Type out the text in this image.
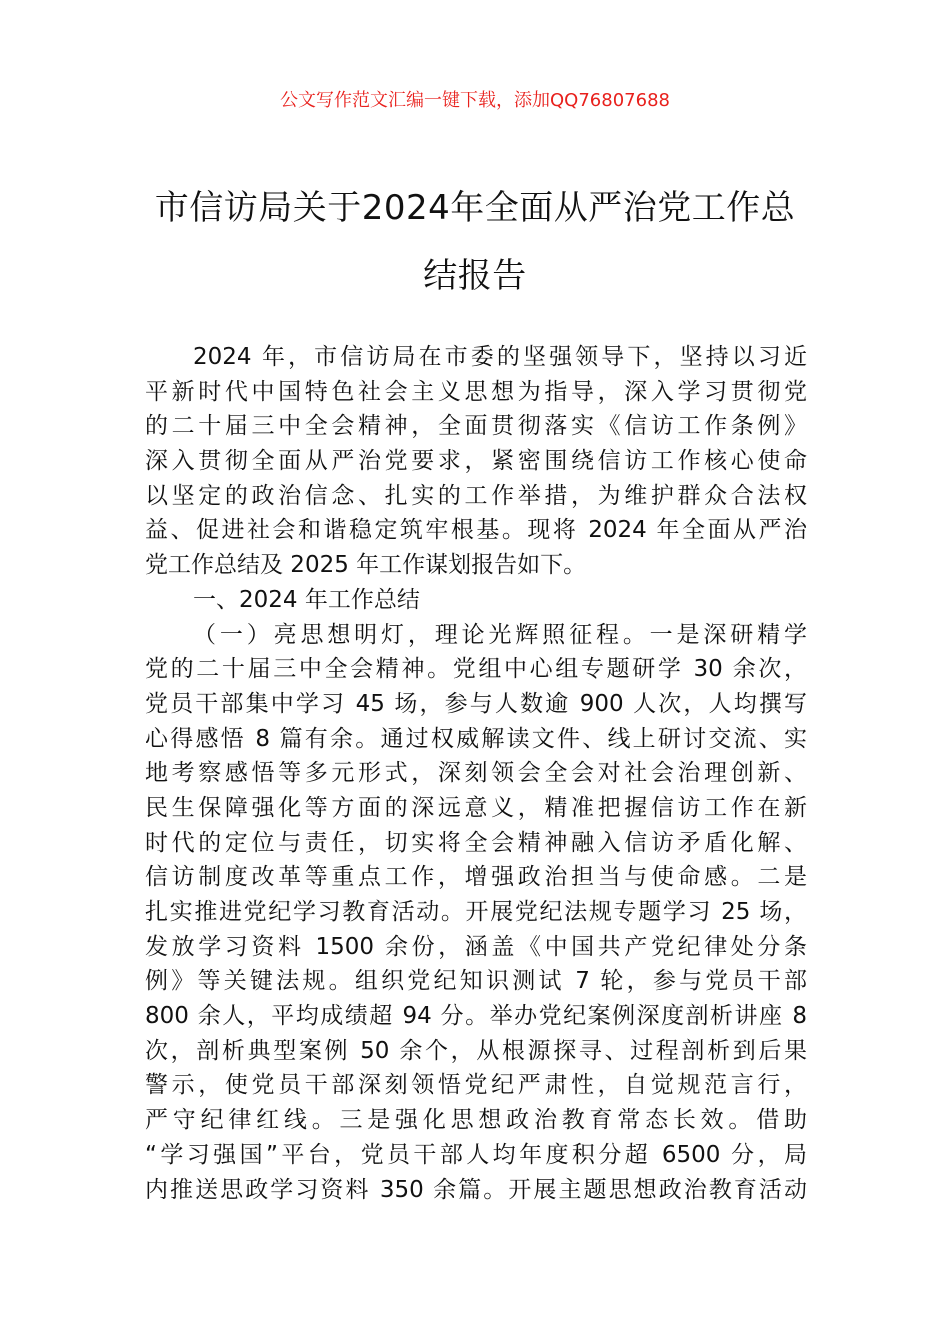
公文写作范文汇编一键下载，添加QQ76807688
市信访局关于2024年全面从严治党工作总
结报告
2024 年，市信访局在市委的坚强领导下，坚持以习近
平新时代中国特色社会主义思想为指导，深入学习贯彻党
的二十届三中全会精神，全面贯彻落实《信访工作条例》
深入贯彻全面从严治党要求，紧密围绕信访工作核心使命
以坚定的政治信念、扎实的工作举措，为维护群众合法权
益、促进社会和谐稳定筑牢根基。现将 2024 年全面从严治
党工作总结及 2025 年工作谋划报告如下。
一、2024 年工作总结
（一）亮思想明灯，理论光辉照征程。一是深研精学
党的二十届三中全会精神。党组中心组专题研学 30 余次，
党员干部集中学习 45 场，参与人数逾 900 人次，人均撰写
心得感悟 8 篇有余。通过权威解读文件、线上研讨交流、实
地考察感悟等多元形式，深刻领会全会对社会治理创新、
民生保障强化等方面的深远意义，精准把握信访工作在新
时代的定位与责任，切实将全会精神融入信访矛盾化解、
信访制度改革等重点工作，增强政治担当与使命感。二是
扎实推进党纪学习教育活动。开展党纪法规专题学习 25 场，
发放学习资料 1500 余份，涵盖《中国共产党纪律处分条
例》等关键法规。组织党纪知识测试 7 轮，参与党员干部
800 余人，平均成绩超 94 分。举办党纪案例深度剖析讲座 8
次，剖析典型案例 50 余个，从根源探寻、过程剖析到后果
警示，使党员干部深刻领悟党纪严肃性，自觉规范言行，
严守纪律红线。三是强化思想政治教育常态长效。借助
“学习强国”平台，党员干部人均年度积分超 6500 分，局
内推送思政学习资料 350 余篇。开展主题思想政治教育活动
